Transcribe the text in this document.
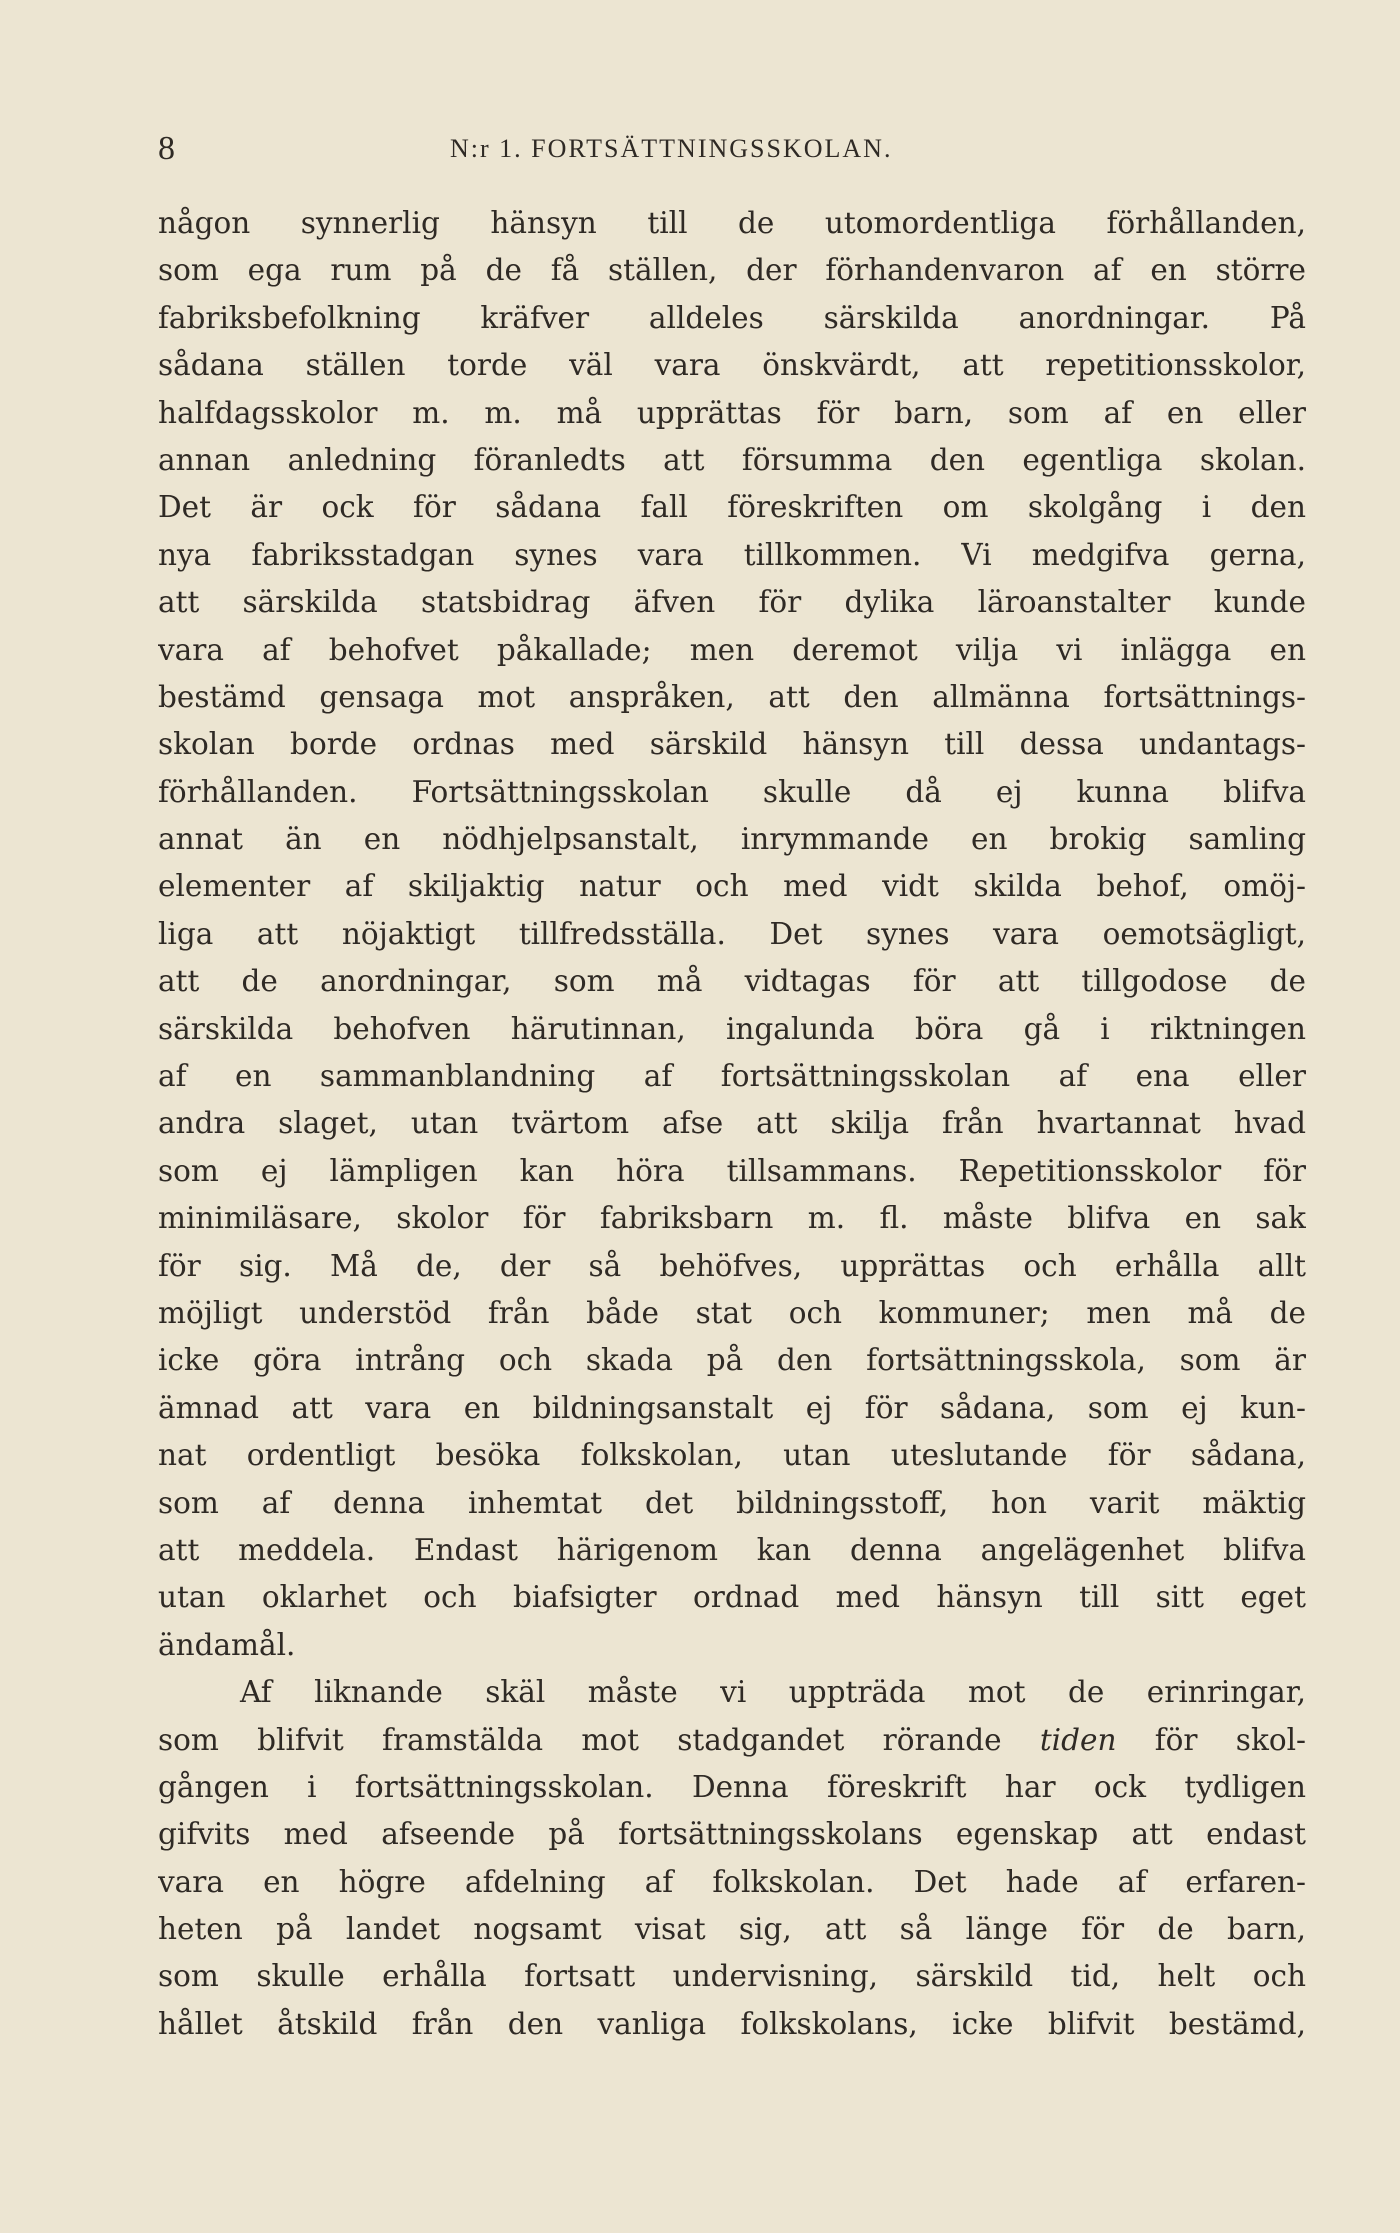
8	N:r 1. FORTSÄTTNINGSSKOLAN.
någon synnerlig hänsyn till de utomordentliga förhållanden,
som ega rum på de få ställen, der förhandenvaron af en större
fabriksbefolkning kräfver alldeles särskilda anordningar. På
sådana ställen torde väl vara önskvärdt, att repetitionsskolor,
halfdagsskolor m. m. må upprättas för barn, som af en eller
annan anledning föranledts att försumma den egentliga skolan.
Det är ock för sådana fall föreskriften om skolgång i den
nya fabriksstadgan synes vara tillkommen. Vi medgifva gerna,
att särskilda statsbidrag äfven för dylika läroanstalter kunde
vara af behofvet påkallade; men deremot vilja vi inlägga en
bestämd gensaga mot anspråken, att den allmänna fortsättnings-
skolan borde ordnas med särskild hänsyn till dessa undantags-
förhållanden. Fortsättningsskolan skulle då ej kunna blifva
annat än en nödhjelpsanstalt, inrymmande en brokig samling
elementer af skiljaktig natur och med vidt skilda behof, omöj-
liga att nöjaktigt tillfredsställa. Det synes vara oemotsägligt,
att de anordningar, som må vidtagas för att tillgodose de
särskilda behofven härutinnan, ingalunda böra gå i riktningen
af en sammanblandning af fortsättningsskolan af ena eller
andra slaget, utan tvärtom afse att skilja från hvartannat hvad
som ej lämpligen kan höra tillsammans. Repetitionsskolor för
minimiläsare, skolor för fabriksbarn m. fl. måste blifva en sak
för sig. Må de, der så behöfves, upprättas och erhålla allt
möjligt understöd från både stat och kommuner; men må de
icke göra intrång och skada på den fortsättningsskola, som är
ämnad att vara en bildningsanstalt ej för sådana, som ej kun-
nat ordentligt besöka folkskolan, utan uteslutande för sådana,
som af denna inhemtat det bildningsstoff, hon varit mäktig
att meddela. Endast härigenom kan denna angelägenhet blifva
utan oklarhet och biafsigter ordnad med hänsyn till sitt eget
ändamål.
Af liknande skäl måste vi uppträda mot de erinringar,
som blifvit framstälda mot stadgandet rörande tiden för skol-
gången i fortsättningsskolan. Denna föreskrift har ock tydligen
gifvits med afseende på fortsättningsskolans egenskap att endast
vara en högre afdelning af folkskolan. Det hade af erfaren-
heten på landet nogsamt visat sig, att så länge för de barn,
som skulle erhålla fortsatt undervisning, särskild tid, helt och
hållet åtskild från den vanliga folkskolans, icke blifvit bestämd,
